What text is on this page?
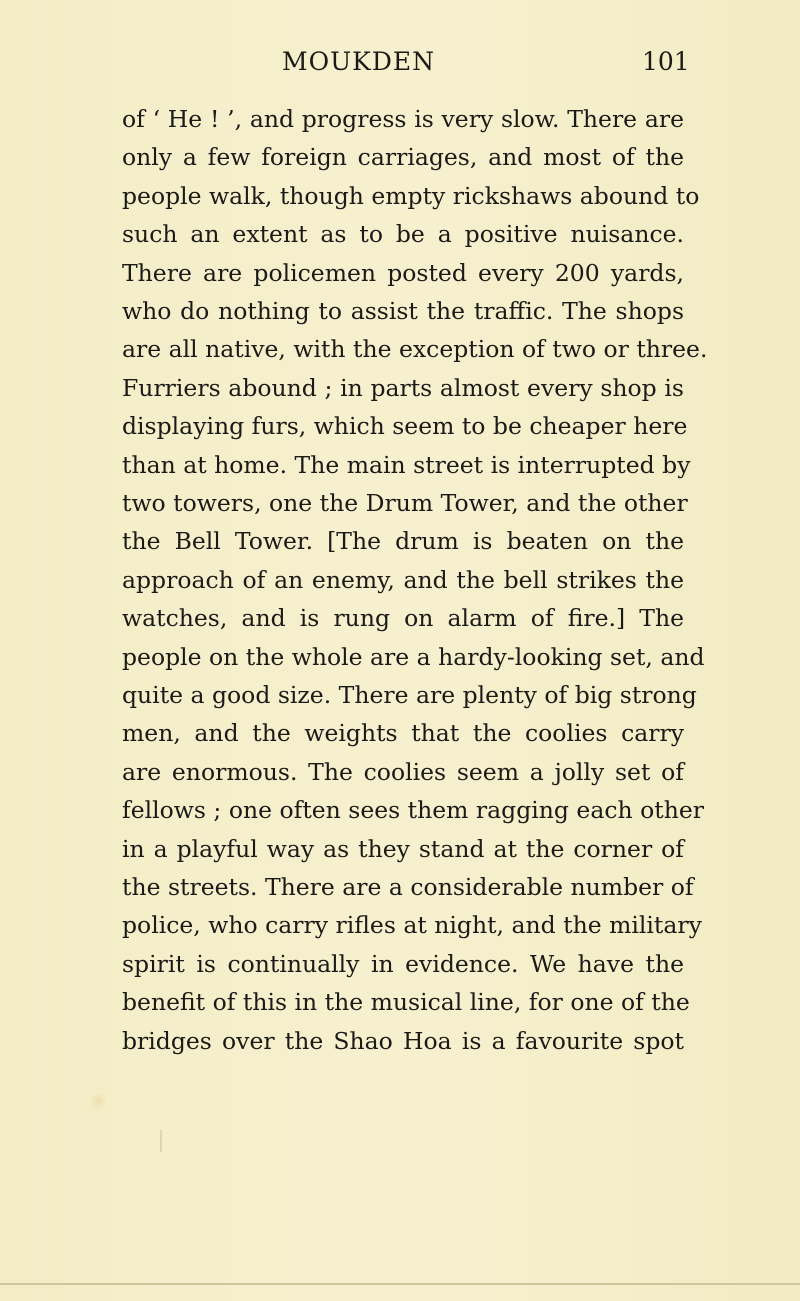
MOUKDEN	101
of ‘ He ! ’, and progress is very slow. There are
only a few foreign carriages, and most of the
people walk, though empty rickshaws abound to
such an extent as to be a positive nuisance.
There are policemen posted every 200 yards,
who do nothing to assist the traffic. The shops
are all native, with the exception of two or three.
Furriers abound ; in parts almost every shop is
displaying furs, which seem to be cheaper here
than at home. The main street is interrupted by
two towers, one the Drum Tower, and the other
the Bell Tower. [The drum is beaten on the
approach of an enemy, and the bell strikes the
watches, and is rung on alarm of fire.] The
people on the whole are a hardy-looking set, and
quite a good size. There are plenty of big strong
men, and the weights that the coolies carry
are enormous. The coolies seem a jolly set of
fellows ; one often sees them ragging each other
in a playful way as they stand at the corner of
the streets. There are a considerable number of
police, who carry rifles at night, and the military
spirit is continually in evidence. We have the
benefit of this in the musical line, for one of the
bridges over the Shao Hoa is a favourite spot
